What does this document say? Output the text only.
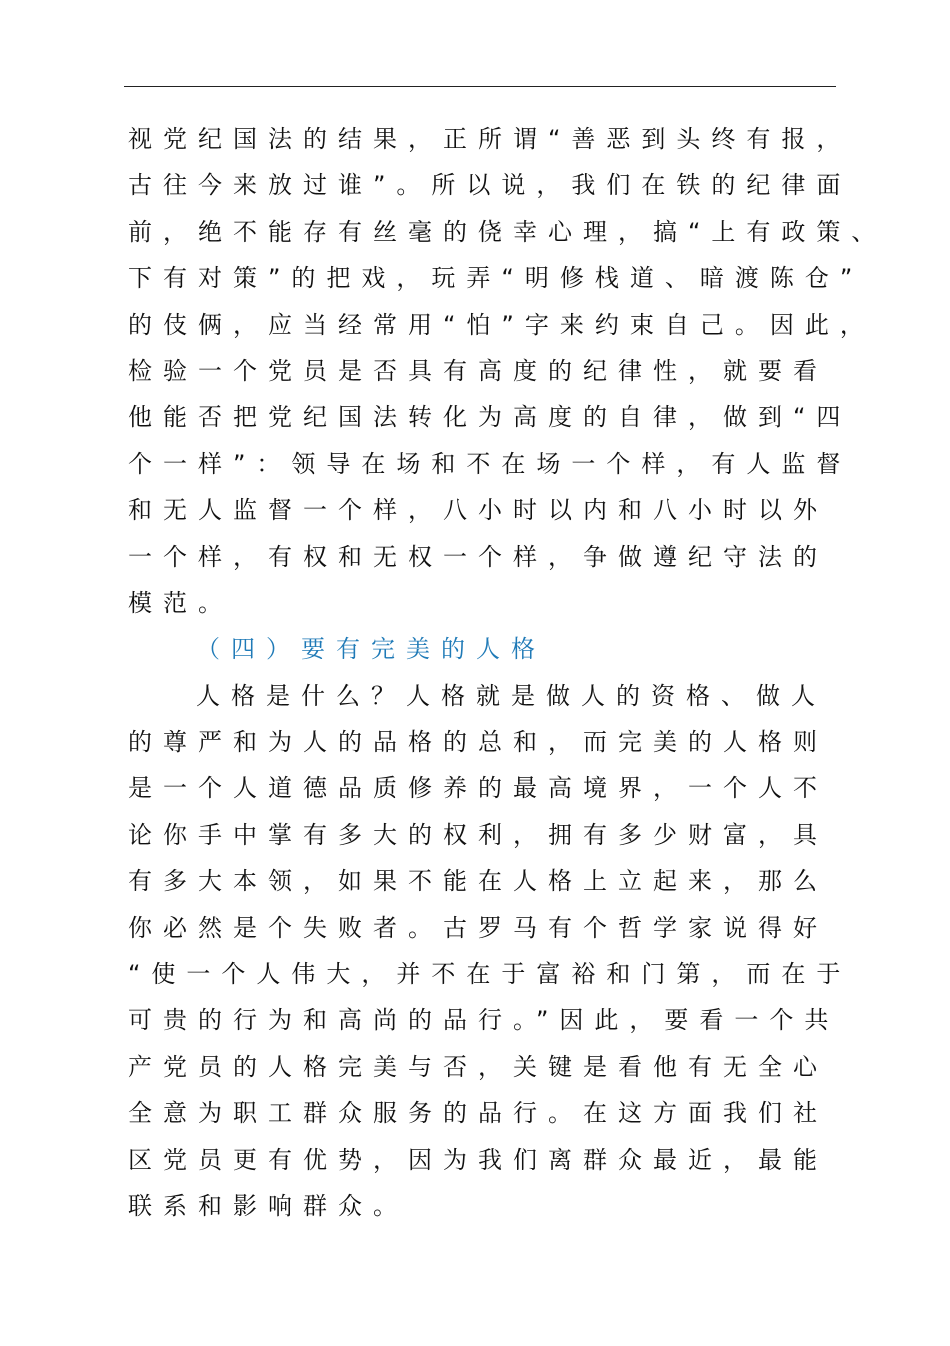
视党纪国法的结果，正所谓“善恶到头终有报，
古往今来放过谁”。所以说，我们在铁的纪律面
前，绝不能存有丝毫的侥幸心理，搞“上有政策、
下有对策”的把戏，玩弄“明修栈道、暗渡陈仓”
的伎俩，应当经常用“怕”字来约束自己。因此，
检验一个党员是否具有高度的纪律性，就要看
他能否把党纪国法转化为高度的自律，做到“四
个一样”：领导在场和不在场一个样，有人监督
和无人监督一个样，八小时以内和八小时以外
一个样，有权和无权一个样，争做遵纪守法的
模范。
（四）要有完美的人格
人格是什么？人格就是做人的资格、做人
的尊严和为人的品格的总和，而完美的人格则
是一个人道德品质修养的最高境界，一个人不
论你手中掌有多大的权利，拥有多少财富，具
有多大本领，如果不能在人格上立起来，那么
你必然是个失败者。古罗马有个哲学家说得好
“使一个人伟大，并不在于富裕和门第，而在于
可贵的行为和高尚的品行。”因此，要看一个共
产党员的人格完美与否，关键是看他有无全心
全意为职工群众服务的品行。在这方面我们社
区党员更有优势，因为我们离群众最近，最能
联系和影响群众。
